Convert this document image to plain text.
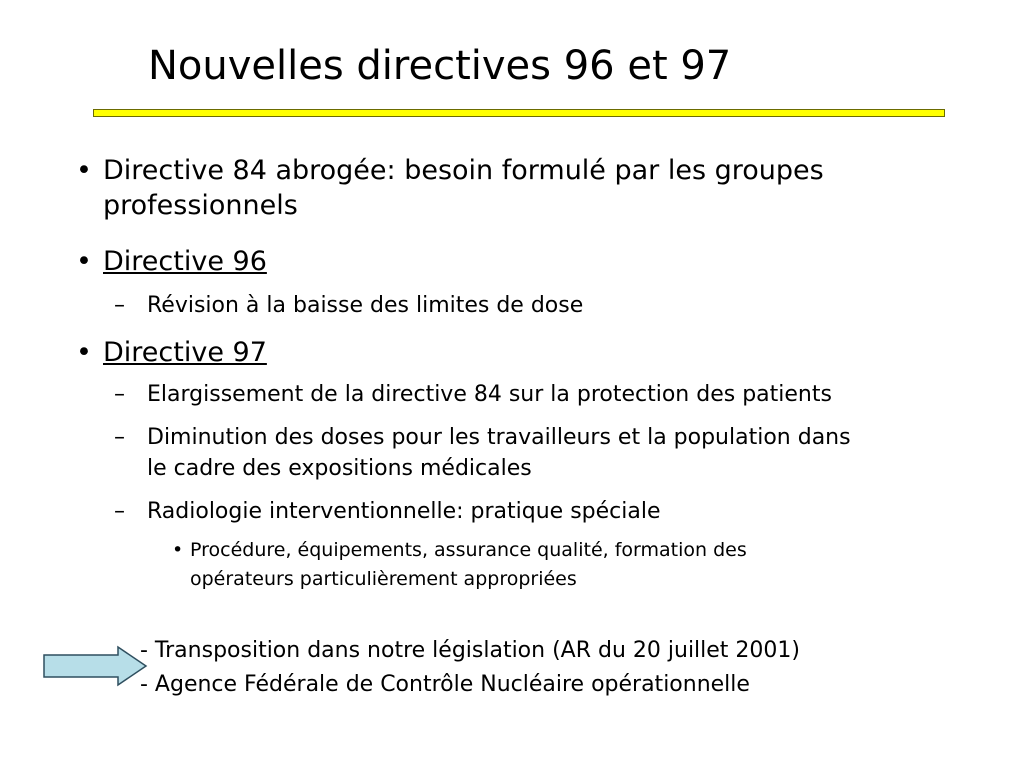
Nouvelles directives 96 et 97
• Directive 84 abrogée: besoin formulé par les groupes
professionnels
• Directive 96
– Révision à la baisse des limites de dose
• Directive 97
– Elargissement de la directive 84 sur la protection des patients
– Diminution des doses pour les travailleurs et la population dans
le cadre des expositions médicales
– Radiologie interventionnelle: pratique spéciale
• Procédure, équipements, assurance qualité, formation des
opérateurs particulièrement appropriées
- Transposition dans notre législation (AR du 20 juillet 2001)
- Agence Fédérale de Contrôle Nucléaire opérationnelle
